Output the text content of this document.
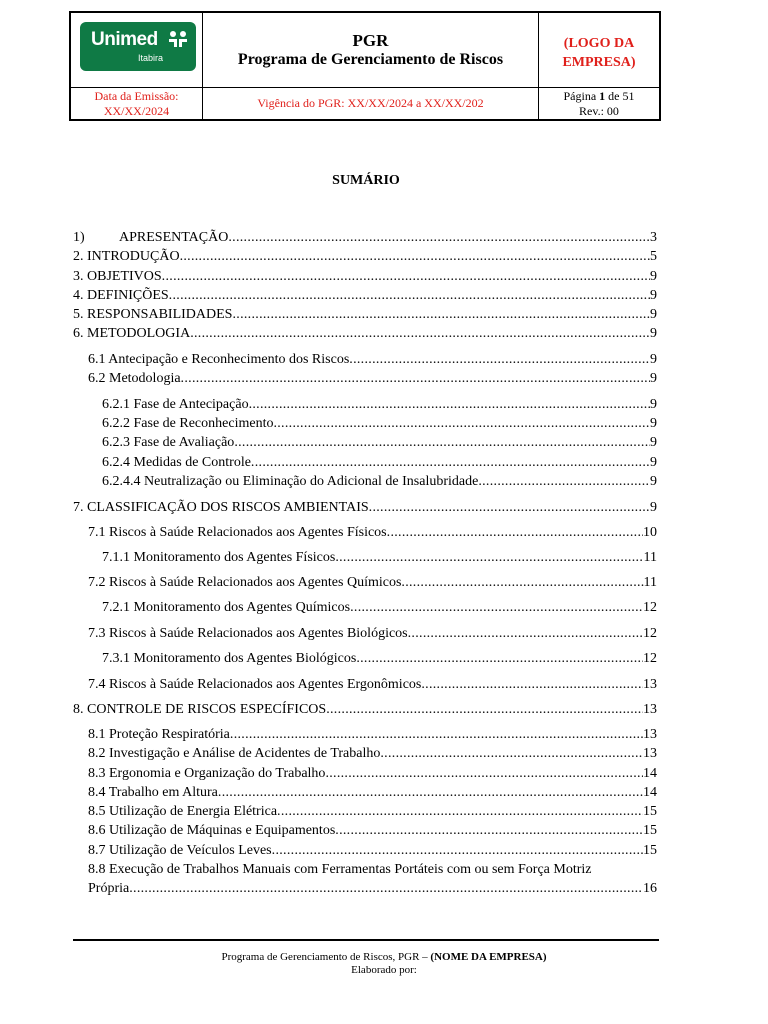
Unimed
Itabira
PGR
Programa de Gerenciamento de Riscos
(LOGO DA
EMPRESA)
Data da Emissão:
XX/XX/2024
Vigência do PGR: XX/XX/2024 a XX/XX/202
Página 1 de 51
Rev.: 00
SUMÁRIO
1) APRESENTAÇÃO .....	3
2. INTRODUÇÃO .....	5
3. OBJETIVOS .....	9
4. DEFINIÇÕES .....	9
5. RESPONSABILIDADES .....	9
6. METODOLOGIA .....	9
6.1 Antecipação e Reconhecimento dos Riscos .....	9
6.2 Metodologia .....	9
6.2.1 Fase de Antecipação .....	9
6.2.2 Fase de Reconhecimento .....	9
6.2.3 Fase de Avaliação .....	9
6.2.4 Medidas de Controle .....	9
6.2.4.4 Neutralização ou Eliminação do Adicional de Insalubridade .....	9
7. CLASSIFICAÇÃO DOS RISCOS AMBIENTAIS .....	9
7.1 Riscos à Saúde Relacionados aos Agentes Físicos .....	10
7.1.1 Monitoramento dos Agentes Físicos .....	11
7.2 Riscos à Saúde Relacionados aos Agentes Químicos .....	11
7.2.1 Monitoramento dos Agentes Químicos .....	12
7.3 Riscos à Saúde Relacionados aos Agentes Biológicos .....	12
7.3.1 Monitoramento dos Agentes Biológicos .....	12
7.4 Riscos à Saúde Relacionados aos Agentes Ergonômicos .....	13
8. CONTROLE DE RISCOS ESPECÍFICOS .....	13
8.1 Proteção Respiratória .....	13
8.2 Investigação e Análise de Acidentes de Trabalho .....	13
8.3 Ergonomia e Organização do Trabalho .....	14
8.4 Trabalho em Altura .....	14
8.5 Utilização de Energia Elétrica .....	15
8.6 Utilização de Máquinas e Equipamentos .....	15
8.7 Utilização de Veículos Leves .....	15
8.8 Execução de Trabalhos Manuais com Ferramentas Portáteis com ou sem Força Motriz
Própria .....	16
Programa de Gerenciamento de Riscos, PGR – (NOME DA EMPRESA)
Elaborado por:
